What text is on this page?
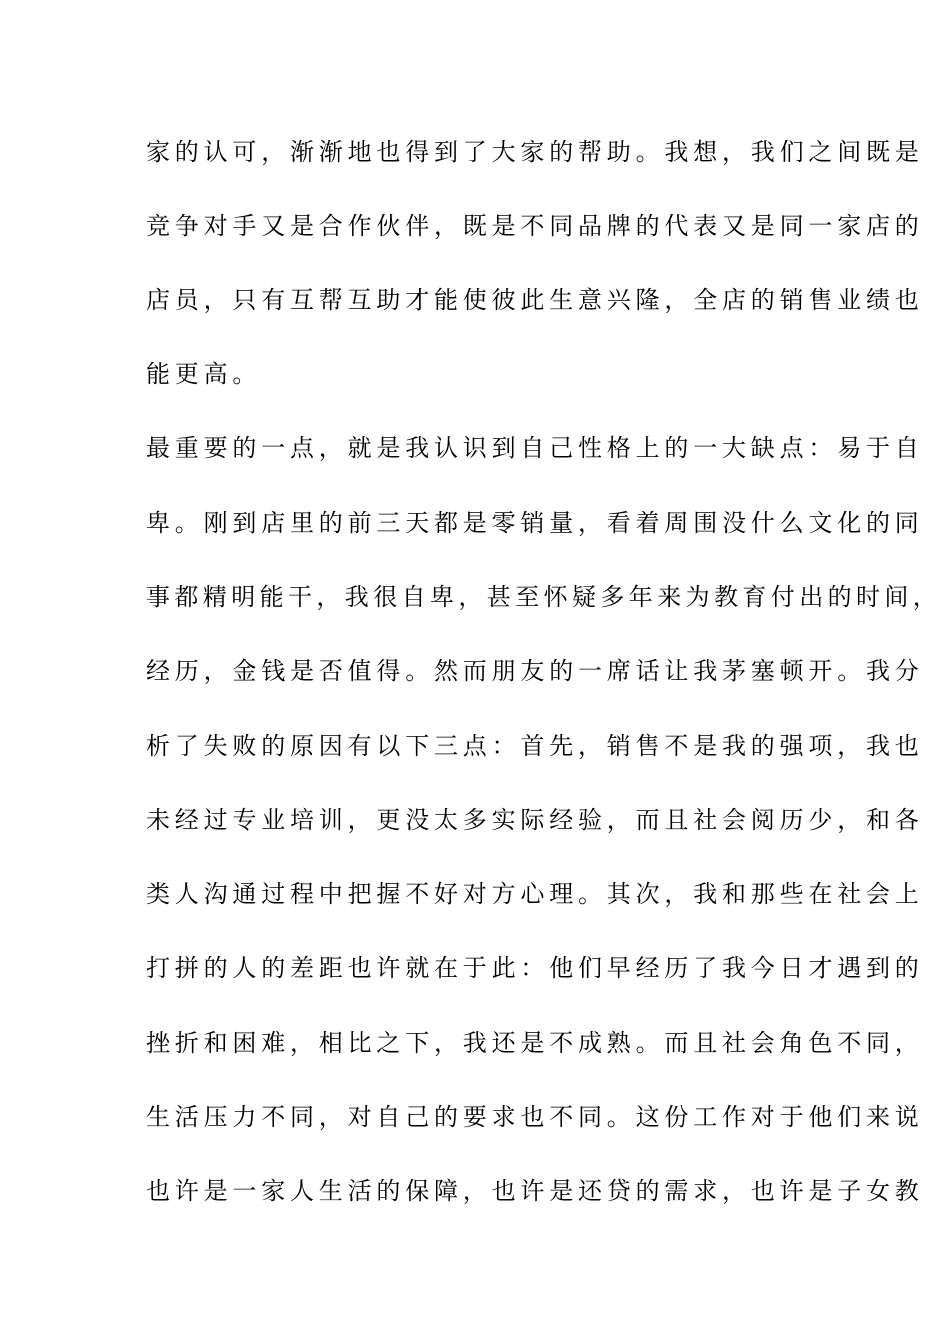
家的认可，渐渐地也得到了大家的帮助。我想，我们之间既是
竞争对手又是合作伙伴，既是不同品牌的代表又是同一家店的
店员，只有互帮互助才能使彼此生意兴隆，全店的销售业绩也
能更高。
最重要的一点，就是我认识到自己性格上的一大缺点：易于自
卑。刚到店里的前三天都是零销量，看着周围没什么文化的同
事都精明能干，我很自卑，甚至怀疑多年来为教育付出的时间，
经历，金钱是否值得。然而朋友的一席话让我茅塞顿开。我分
析了失败的原因有以下三点：首先，销售不是我的强项，我也
未经过专业培训，更没太多实际经验，而且社会阅历少，和各
类人沟通过程中把握不好对方心理。其次，我和那些在社会上
打拼的人的差距也许就在于此：他们早经历了我今日才遇到的
挫折和困难，相比之下，我还是不成熟。而且社会角色不同，
生活压力不同，对自己的要求也不同。这份工作对于他们来说
也许是一家人生活的保障，也许是还贷的需求，也许是子女教
